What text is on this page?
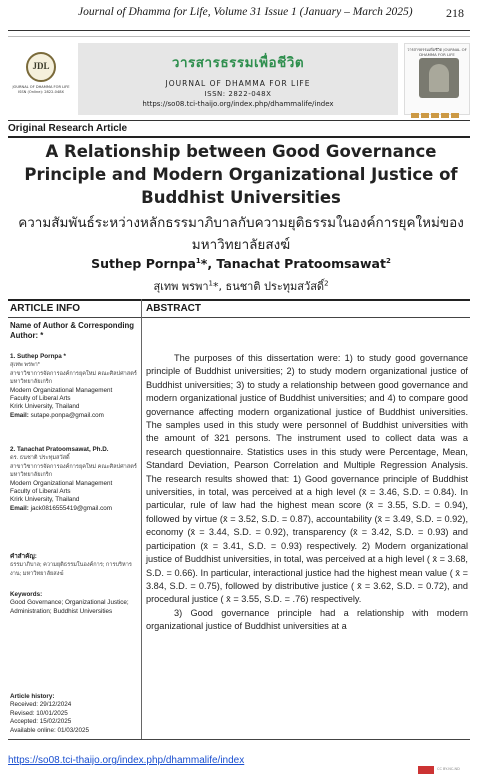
Journal of Dhamma for Life, Volume 31 Issue 1 (January – March 2025)	218
JDL
JOURNAL OF DHAMMA FOR LIFE ISSN (Online): 2822-048X
วารสารธรรมเพื่อชีวิต
JOURNAL OF DHAMMA FOR LIFE
ISSN: 2822-048X
https://so08.tci-thaijo.org/index.php/dhammalife/index
วารสารธรรมเพื่อชีวิต JOURNAL OF DHAMMA FOR LIFE
Original Research Article
A Relationship between Good Governance Principle and Modern Organizational Justice of Buddhist Universities
ความสัมพันธ์ระหว่างหลักธรรมาภิบาลกับความยุติธรรมในองค์การยุคใหม่ของมหาวิทยาลัยสงฆ์
Suthep Pornpa$^1$*, Tanachat Pratoomsawat$^2$
สุเทพ พรพา$^1$*, ธนชาติ ประทุมสวัสดิ์$^2$
ARTICLE INFO	ABSTRACT
Name of Author & Corresponding Author: *
1. Suthep Pornpa *
สุเทพ พรพา*
สาขาวิชาการจัดการองค์การยุคใหม่ คณะศิลปศาสตร์ มหาวิทยาลัยเกริก
Modern Organizational Management
Faculty of Liberal Arts
Krirk University, Thailand
Email: sutape.ponpa@gmail.com
2. Tanachat Pratoomsawat, Ph.D.
ดร. ธนชาติ ประทุมสวัสดิ์
สาขาวิชาการจัดการองค์การยุคใหม่ คณะศิลปศาสตร์ มหาวิทยาลัยเกริก
Modern Organizational Management
Faculty of Liberal Arts
Krirk University, Thailand
Email: jack0816555419@gmail.com
คำสำคัญ:
ธรรมาภิบาล; ความยุติธรรมในองค์การ; การบริหารงาน; มหาวิทยาลัยสงฆ์
Keywords:
Good Governance; Organizational Justice; Administration; Buddhist Universities
Article history:
Received: 29/12/2024
Revised: 10/01/2025
Accepted: 15/02/2025
Available online: 01/03/2025

The purposes of this dissertation were: 1) to study good governance principle of Buddhist universities; 2) to study modern organizational justice of Buddhist universities; 3) to study a relationship between good governance and modern organizational justice of Buddhist universities; and 4) to compare good governance affecting modern organizational justice of Buddhist universities. The samples used in this study were personnel of Buddhist universities with the amount of 321 persons. The instrument used to collect data was a research questionnaire. Statistics uses in this study were Percentage, Mean, Standard Deviation, Pearson Correlation and Multiple Regression Analysis. The research results showed that: 1) Good governance principle of Buddhist universities, in total, was perceived at a high level (x̄ = 3.46, S.D. = 0.84). In particular, rule of law had the highest mean score (x̄ = 3.55, S.D. = 0.94), followed by virtue (x̄ = 3.52, S.D. = 0.87), accountability (x̄ = 3.49, S.D. = 0.92), economy (x̄ = 3.44, S.D. = 0.92), transparency (x̄ = 3.42, S.D. = 0.93) and participation (x̄ = 3.41, S.D. = 0.93) respectively. 2) Modern organizational justice of Buddhist universities, in total, was perceived at a high level ( x̄ = 3.68, S.D. = 0.66). In particular, interactional justice had the highest mean value ( x̄ = 3.84, S.D. = 0.75), followed by distributive justice ( x̄ = 3.62, S.D. = 0.72), and procedural justice ( x̄ = 3.55, S.D. = .76) respectively.

3) Good governance principle had a relationship with modern organizational justice of Buddhist universities at a

https://so08.tci-thaijo.org/index.php/dhammalife/index
CC BY-NC-ND
